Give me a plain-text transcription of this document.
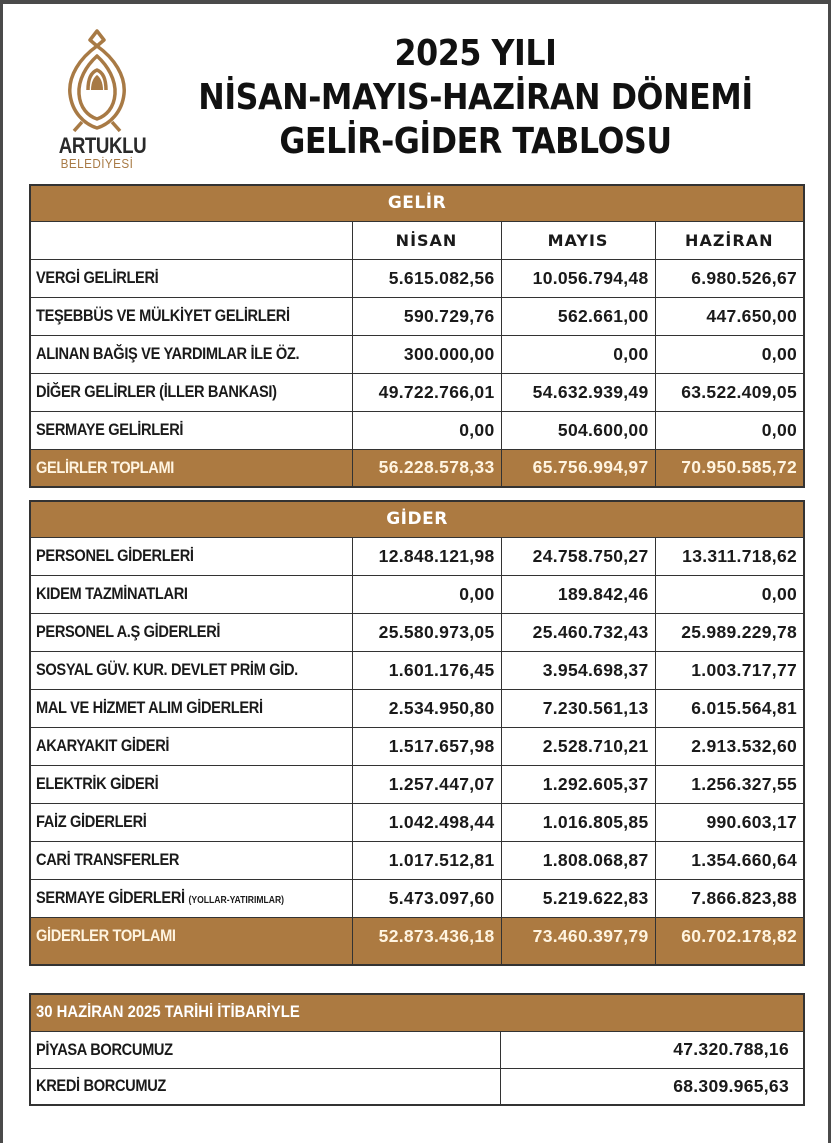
ARTUKLU
BELEDİYESİ
2025 YILI
NİSAN-MAYIS-HAZİRAN DÖNEMİ
GELİR-GİDER TABLOSU
GELİR			
	NİSAN	MAYIS	HAZİRAN
VERGİ GELİRLERİ	5.615.082,56	10.056.794,48	6.980.526,67
TEŞEBBÜS VE MÜLKİYET GELİRLERİ	590.729,76	562.661,00	447.650,00
ALINAN BAĞIŞ VE YARDIMLAR İLE ÖZ.	300.000,00	0,00	0,00
DİĞER GELİRLER (İLLER BANKASI)	49.722.766,01	54.632.939,49	63.522.409,05
SERMAYE GELİRLERİ	0,00	504.600,00	0,00
GELİRLER TOPLAMI	56.228.578,33	65.756.994,97	70.950.585,72
GİDER			
PERSONEL GİDERLERİ	12.848.121,98	24.758.750,27	13.311.718,62
KIDEM TAZMİNATLARI	0,00	189.842,46	0,00
PERSONEL A.Ş GİDERLERİ	25.580.973,05	25.460.732,43	25.989.229,78
SOSYAL GÜV. KUR. DEVLET PRİM GİD.	1.601.176,45	3.954.698,37	1.003.717,77
MAL VE HİZMET ALIM GİDERLERİ	2.534.950,80	7.230.561,13	6.015.564,81
AKARYAKIT GİDERİ	1.517.657,98	2.528.710,21	2.913.532,60
ELEKTRİK GİDERİ	1.257.447,07	1.292.605,37	1.256.327,55
FAİZ GİDERLERİ	1.042.498,44	1.016.805,85	990.603,17
CARİ TRANSFERLER	1.017.512,81	1.808.068,87	1.354.660,64
SERMAYE GİDERLERİ (YOLLAR-YATIRIMLAR)	5.473.097,60	5.219.622,83	7.866.823,88
GİDERLER TOPLAMI	52.873.436,18	73.460.397,79	60.702.178,82
30 HAZİRAN 2025 TARİHİ İTİBARİYLE	
PİYASA BORCUMUZ	47.320.788,16
KREDİ BORCUMUZ	68.309.965,63
